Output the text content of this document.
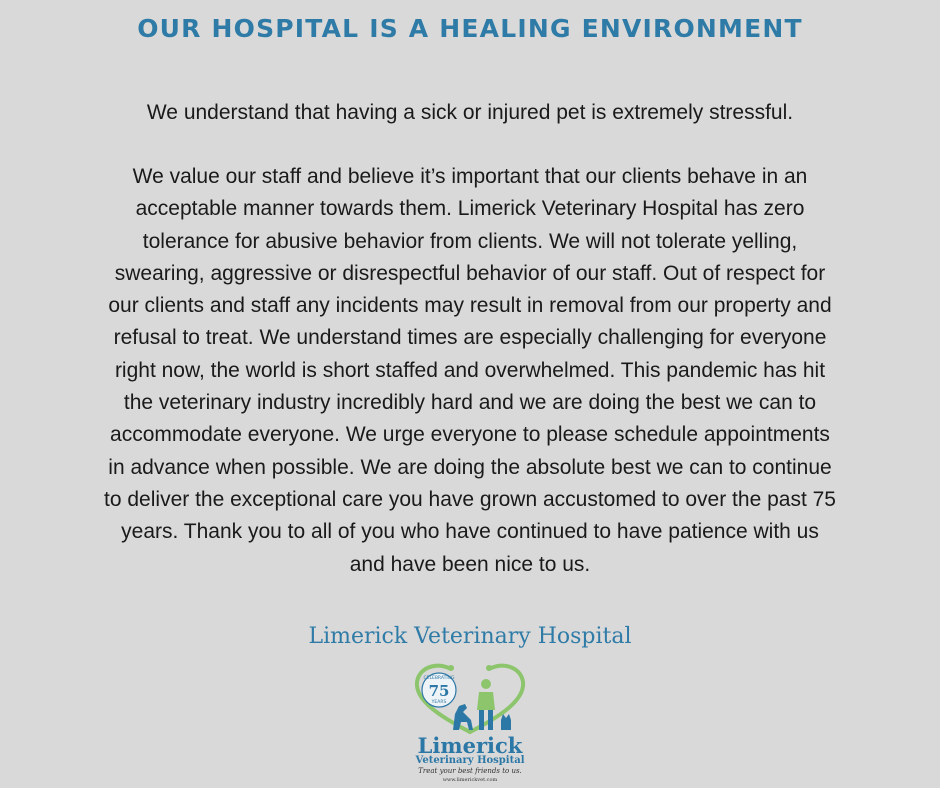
OUR HOSPITAL IS A HEALING ENVIRONMENT
We understand that having a sick or injured pet is extremely stressful.

We value our staff and believe it’s important that our clients behave in an
acceptable manner towards them. Limerick Veterinary Hospital has zero
tolerance for abusive behavior from clients. We will not tolerate yelling,
swearing, aggressive or disrespectful behavior of our staff. Out of respect for
our clients and staff any incidents may result in removal from our property and
refusal to treat. We understand times are especially challenging for everyone
right now, the world is short staffed and overwhelmed. This pandemic has hit
the veterinary industry incredibly hard and we are doing the best we can to
accommodate everyone. We urge everyone to please schedule appointments
in advance when possible. We are doing the absolute best we can to continue
to deliver the exceptional care you have grown accustomed to over the past 75
years. Thank you to all of you who have continued to have patience with us
and have been nice to us.

Limerick Veterinary Hospital
CELEBRATING
75
YEARS
Limerick
Veterinary Hospital
Treat your best friends to us.
www.limerickvet.com
